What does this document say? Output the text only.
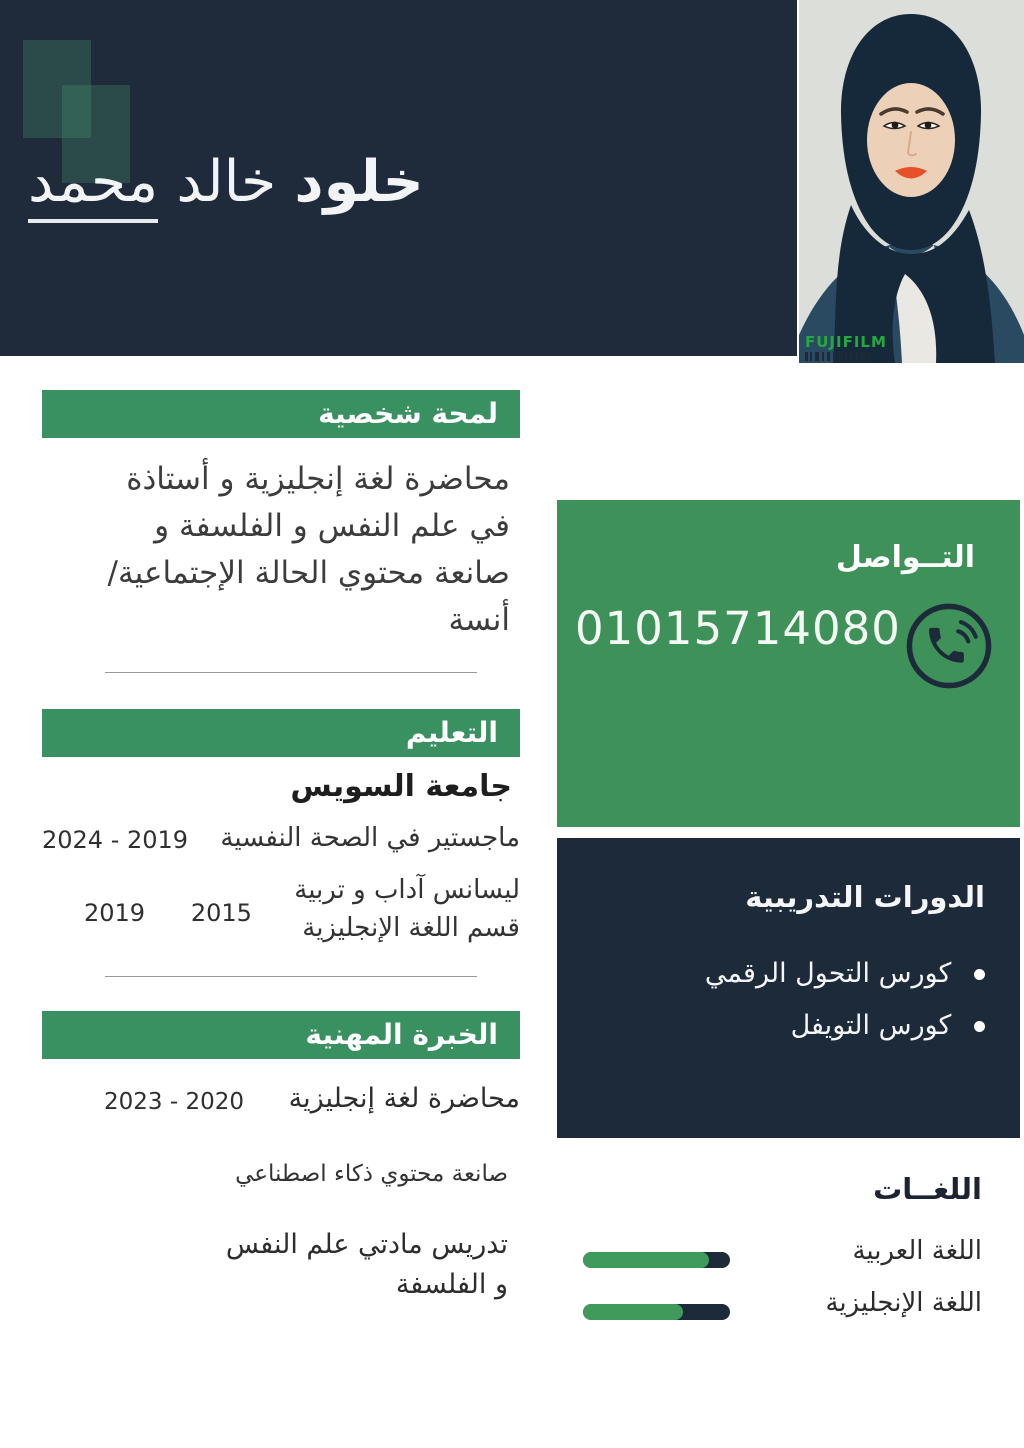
خلود خالد محمد
FUJIFILM
لمحة شخصية

محاضرة لغة إنجليزية و أستاذة في علم النفس و الفلسفة و صانعة محتوي الحالة الإجتماعية/ أنسة

التعليم
جامعة السويس
2019 - 2024 ماجستير في الصحة النفسية
2015      2019
ليسانس آداب و تربية قسم اللغة الإنجليزية
الخبرة المهنية
2020 - 2023 محاضرة لغة إنجليزية
صانعة محتوي ذكاء اصطناعي
تدريس مادتي علم النفس و الفلسفة
التــواصل
01015714080
الدورات التدريبية
كورس التحول الرقمي
كورس التويفل
اللغــات
اللغة العربية
اللغة الإنجليزية
